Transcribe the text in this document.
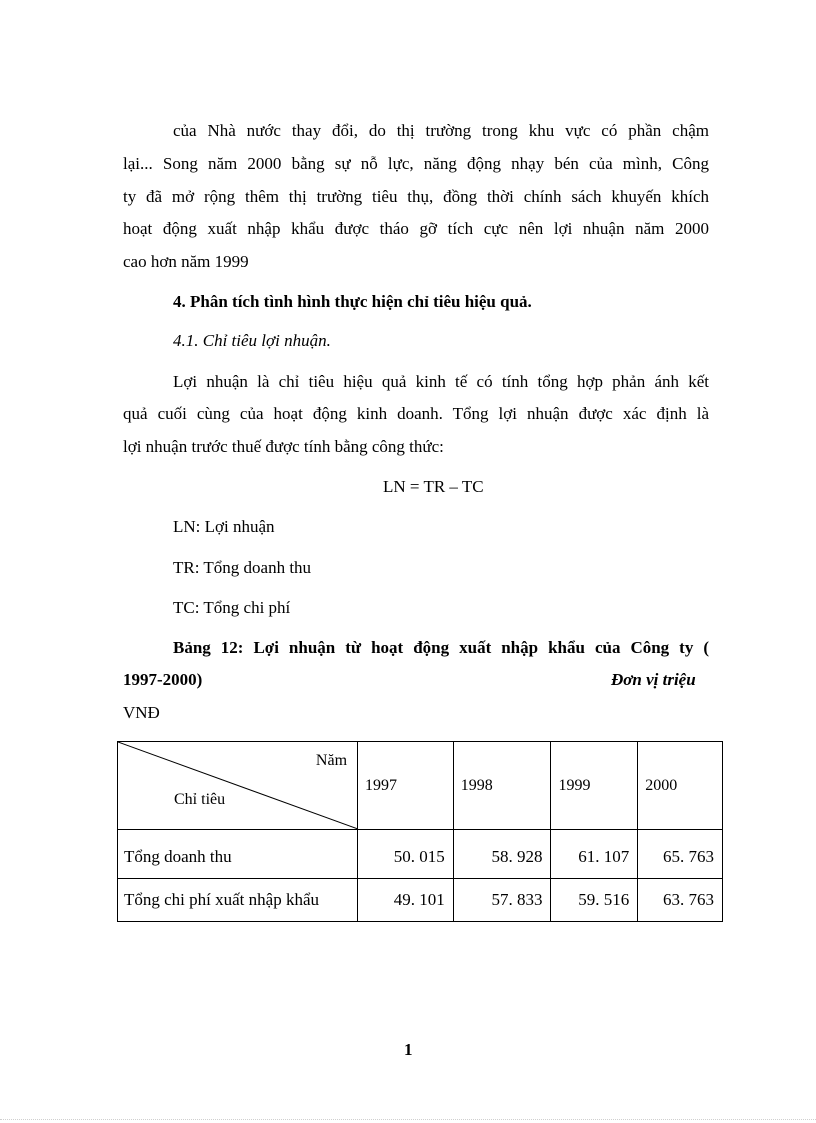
của Nhà nước thay đổi, do thị trường trong khu vực có phần chậm
lại... Song năm 2000 bằng sự nỗ lực, năng động nhạy bén của mình, Công
ty đã mở rộng thêm thị trường tiêu thụ, đồng thời chính sách khuyến khích
hoạt động xuất nhập khẩu được tháo gỡ tích cực nên lợi nhuận năm 2000
cao hơn năm 1999
4. Phân tích tình hình thực hiện chỉ tiêu hiệu quả.
4.1. Chỉ tiêu lợi nhuận.
Lợi nhuận là chỉ tiêu hiệu quả kinh tế có tính tổng hợp phản ánh kết
quả cuối cùng của hoạt động kinh doanh. Tổng lợi nhuận được xác định là
lợi nhuận trước thuế được tính bằng công thức:
LN = TR – TC
LN: Lợi nhuận
TR: Tổng doanh thu
TC: Tổng chi phí
Bảng 12: Lợi nhuận từ hoạt động xuất nhập khẩu của Công ty (
1997-2000)	Đơn vị triệu
VNĐ
Năm
Chỉ tiêu	1997	1998	1999	2000
Tổng doanh thu	50. 015	58. 928	61. 107	65. 763
Tổng chi phí xuất nhập khẩu	49. 101	57. 833	59. 516	63. 763
1
